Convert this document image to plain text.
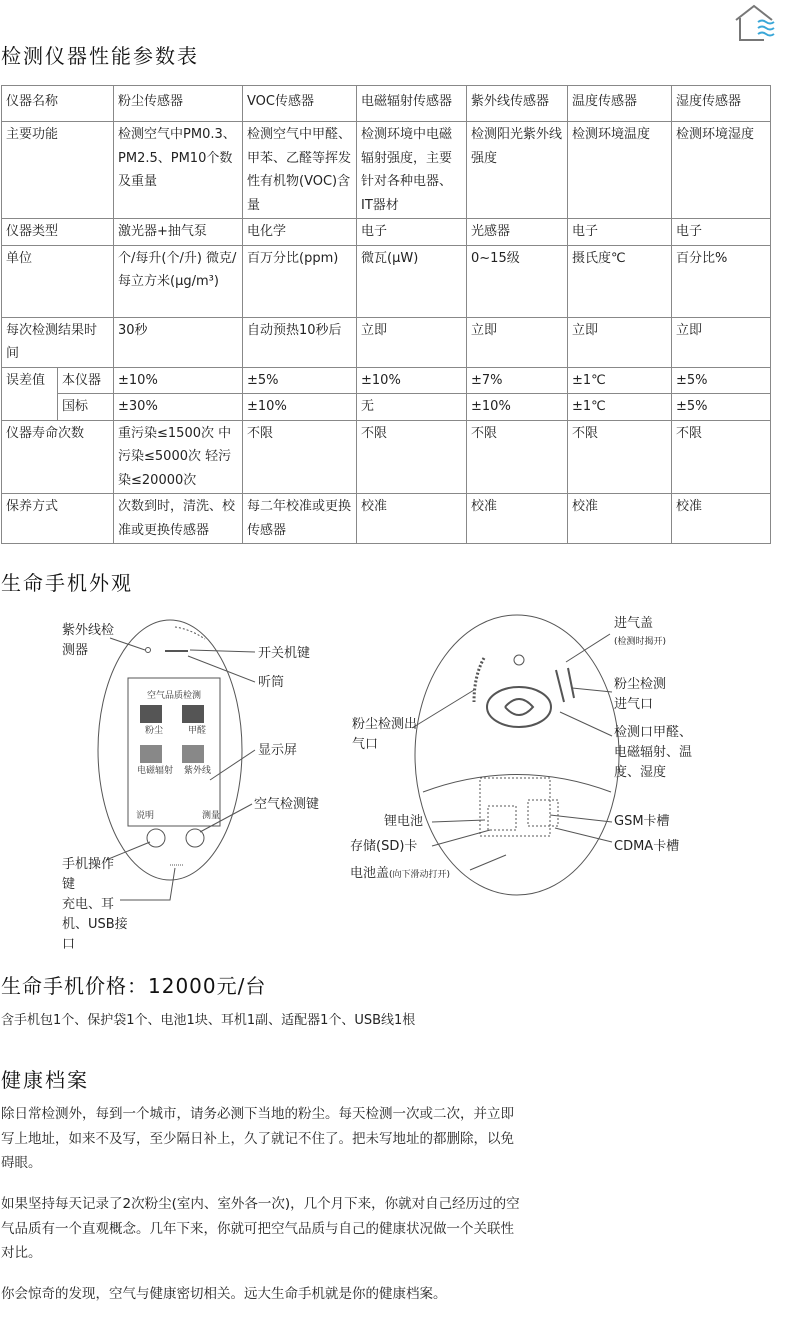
检测仪器性能参数表
仪器名称		粉尘传感器	VOC传感器	电磁辐射传感器	紫外线传感器	温度传感器	湿度传感器
主要功能		检测空气中PM0.3、PM2.5、PM10个数及重量	检测空气中甲醛、甲苯、乙醛等挥发性有机物(VOC)含量	检测环境中电磁辐射强度，主要针对各种电器、IT器材	检测阳光紫外线强度	检测环境温度	检测环境湿度
仪器类型		激光器+抽气泵	电化学	电子	光感器	电子	电子
单位		个/每升(个/升) 微克/每立方米(μg/m³)	百万分比(ppm)	微瓦(μW)	0~15级	摄氏度℃	百分比%
每次检测结果时间		30秒	自动预热10秒后	立即	立即	立即	立即
误差值	本仪器	±10%	±5%	±10%	±7%	±1℃	±5%
	国标	±30%	±10%	无	±10%	±1℃	±5%
仪器寿命次数		重污染≤1500次 中污染≤5000次 轻污染≤20000次	不限	不限	不限	不限	不限
保养方式		次数到时，清洗、校准或更换传感器	每二年校准或更换传感器	校准	校准	校准	校准
生命手机外观
空气品质检测
粉尘	甲醛
电磁辐射 紫外线
说明	测量
紫外线检测器	开关机键
听筒
显示屏
空气检测键
手机操作键
充电、耳机、USB接口
粉尘检测出气口
进气盖
(检测时揭开)
粉尘检测进气口
检测口甲醛、电磁辐射、温度、湿度
锂电池
存储(SD)卡
GSM卡槽
CDMA卡槽
电池盖(向下滑动打开)
生命手机价格：12000元/台
含手机包1个、保护袋1个、电池1块、耳机1副、适配器1个、USB线1根
健康档案

除日常检测外，每到一个城市，请务必测下当地的粉尘。每天检测一次或二次，并立即写上地址，如来不及写，至少隔日补上，久了就记不住了。把未写地址的都删除，以免碍眼。

如果坚持每天记录了2次粉尘(室内、室外各一次)，几个月下来，你就对自己经历过的空气品质有一个直观概念。几年下来，你就可把空气品质与自己的健康状况做一个关联性对比。

你会惊奇的发现，空气与健康密切相关。远大生命手机就是你的健康档案。
